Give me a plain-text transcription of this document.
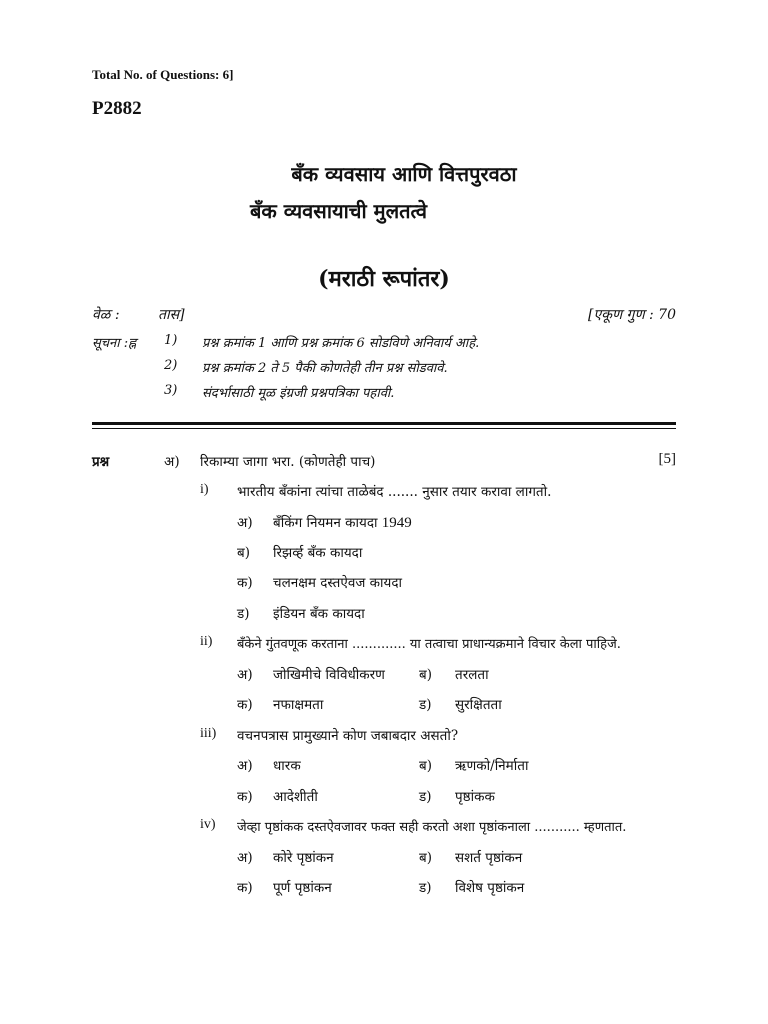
Total No. of Questions: 6]
P2882
बँक व्यवसाय आणि वित्तपुरवठा
बँक व्यवसायाची मुलतत्वे
(मराठी रूपांतर)
वेळ :	तास]	[एकूण गुण : 70
सूचना :ह्न 1) प्रश्न क्रमांक 1 आणि प्रश्न क्रमांक 6 सोडविणे अनिवार्य आहे.
2) प्रश्न क्रमांक 2 ते 5 पैकी कोणतेही तीन प्रश्न सोडवावे.
3) संदर्भासाठी मूळ इंग्रजी प्रश्नपत्रिका पहावी.
प्रश्न	अ) रिकाम्या जागा भरा. (कोणतेही पाच)	[5]
i) भारतीय बँकांना त्यांचा ताळेबंद ....... नुसार तयार करावा लागतो.
अ) बँकिंग नियमन कायदा 1949
ब) रिझर्व्ह बँक कायदा
क) चलनक्षम दस्तऐवज कायदा
ड) इंडियन बँक कायदा
ii) बँकेने गुंतवणूक करताना ............. या तत्वाचा प्राधान्यक्रमाने विचार केला पाहिजे.
अ) जोखिमीचे विविधीकरण	ब) तरलता
क) नफाक्षमता	ड) सुरक्षितता
iii) वचनपत्रास प्रामुख्याने कोण जबाबदार असतो?
अ) धारक	ब) ऋणको/निर्माता
क) आदेशीती	ड) पृष्ठांकक
iv) जेव्हा पृष्ठांकक दस्तऐवजावर फक्त सही करतो अशा पृष्ठांकनाला ........... म्हणतात.
अ) कोरे पृष्ठांकन	ब) सशर्त पृष्ठांकन
क) पूर्ण पृष्ठांकन	ड) विशेष पृष्ठांकन
